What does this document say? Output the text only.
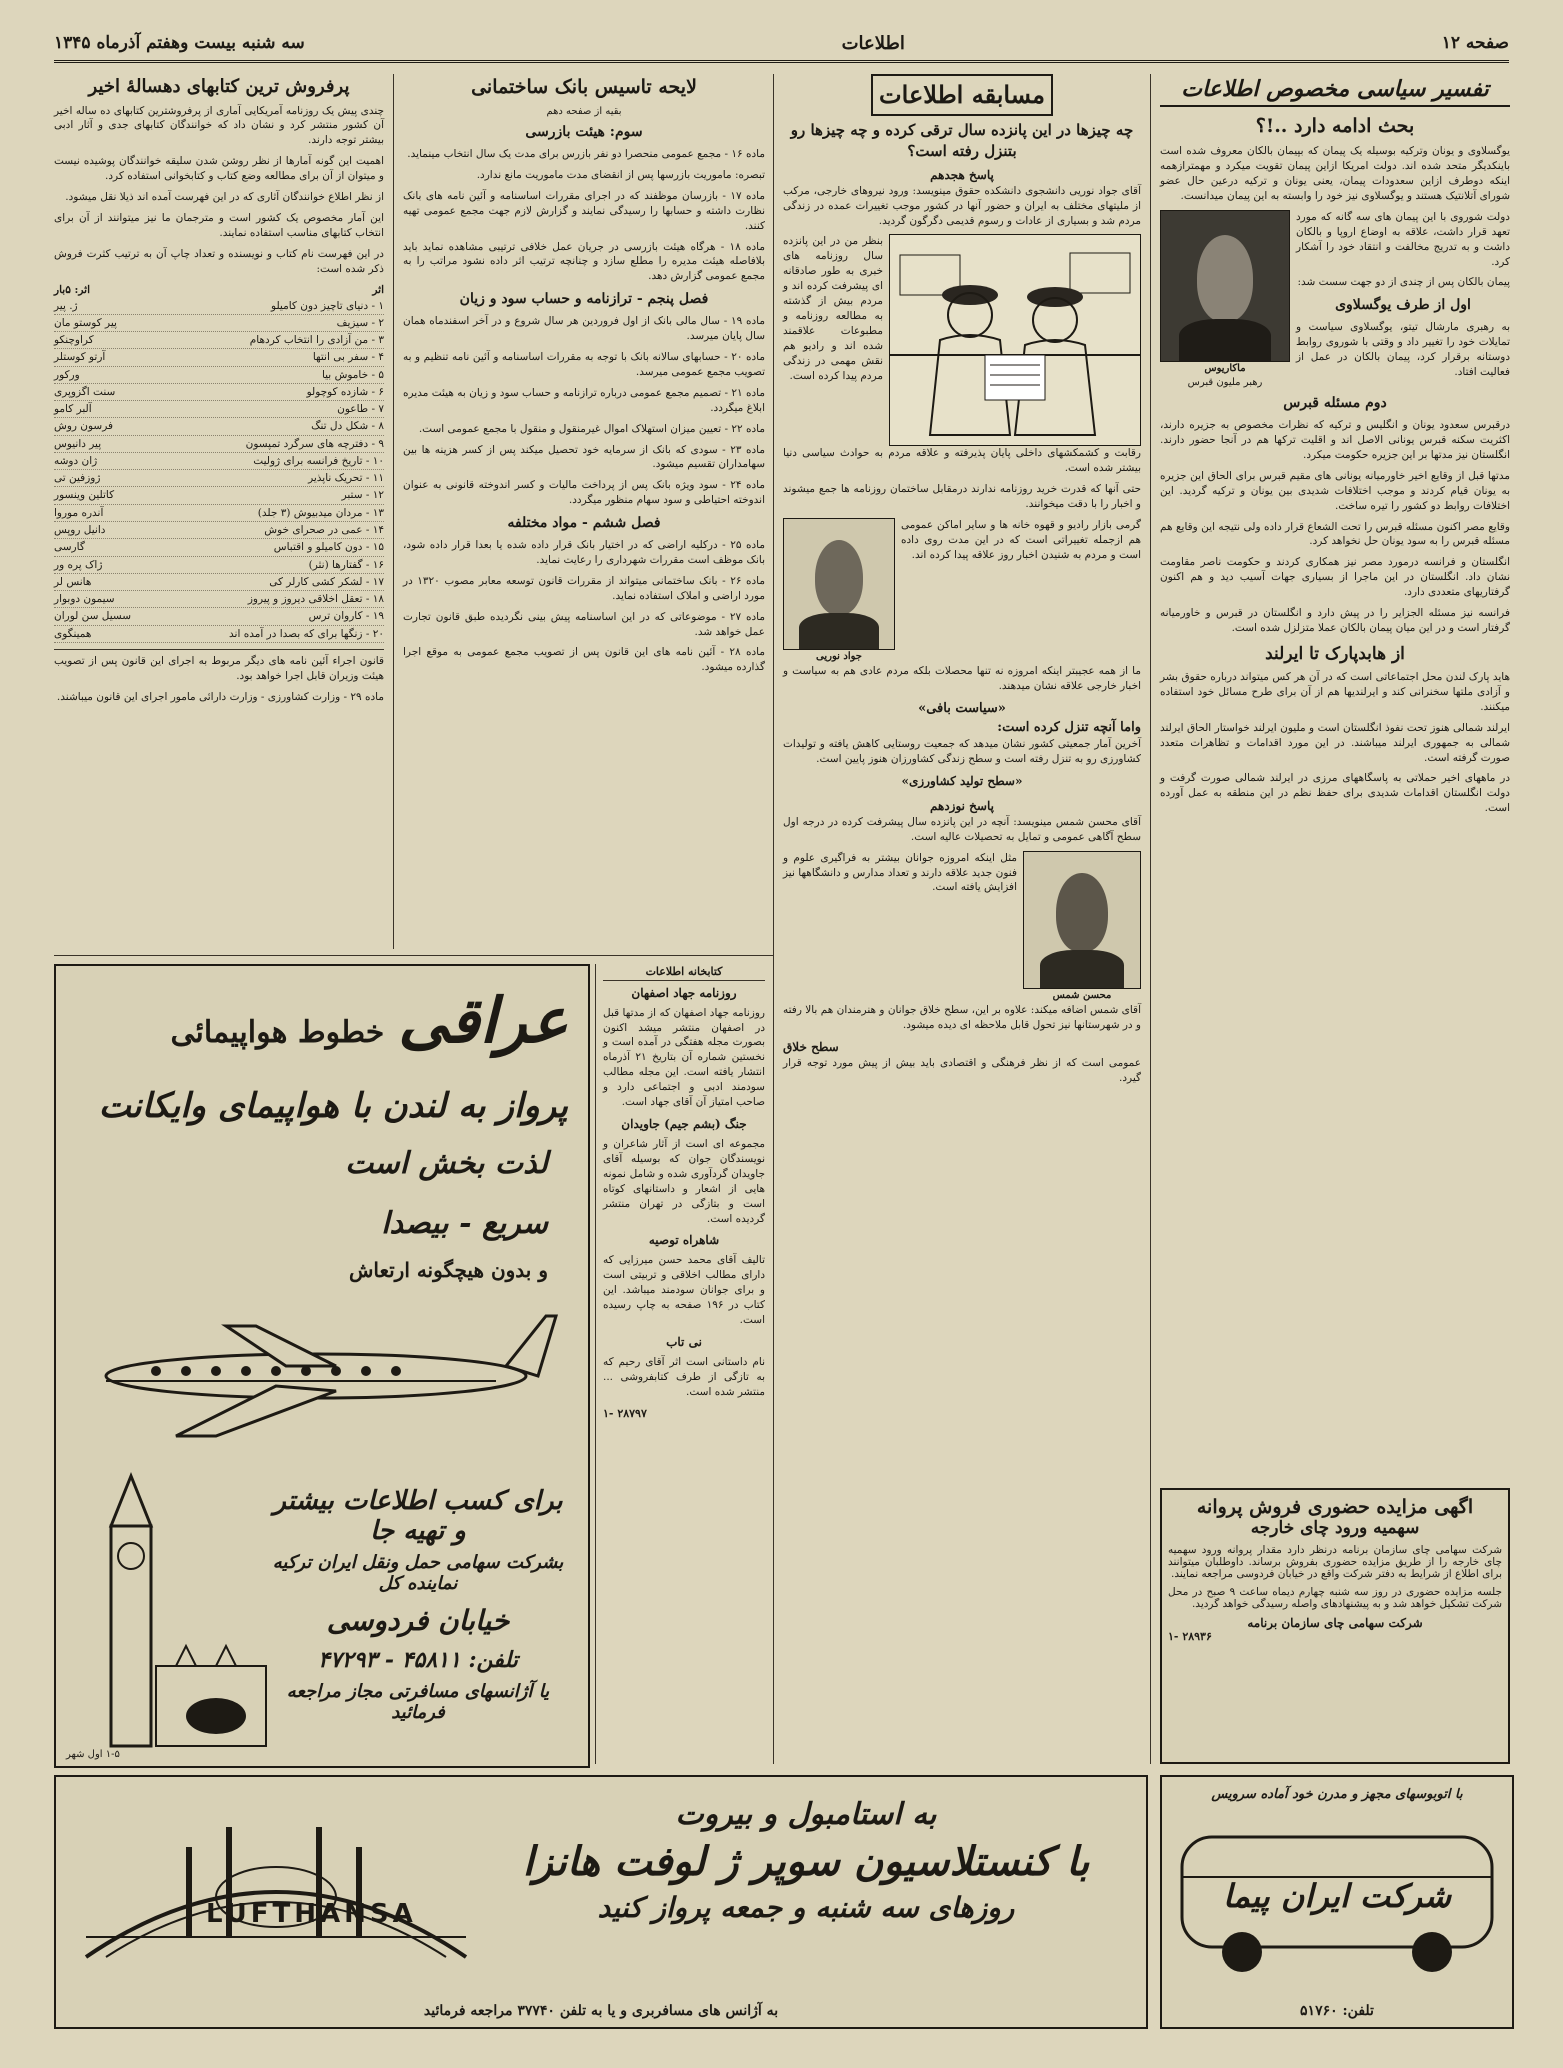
صفحه ۱۲
اطلاعات
سه شنبه بیست وهفتم آذرماه ۱۳۴۵
تفسیر سیاسی مخصوص اطلاعات
بحث ادامه دارد ..!؟

یوگسلاوی و یونان وترکیه بوسیله یک پیمان که بپیمان بالکان معروف شده است باینکدیگر متحد شده اند. دولت امریکا ازاین پیمان تقویت میکرد و مهمترازهمه اینکه دوطرف ازاین سعدودات پیمان، یعنی یونان و ترکیه درعین حال عضو شورای آتلانتیک هستند و یوگسلاوی نیز خود را وابسته به این پیمان میدانست.

دولت شوروی با این پیمان های سه گانه که مورد تعهد قرار داشت، علاقه به اوضاع اروپا و بالکان داشت و به تدریج مخالفت و انتقاد خود را آشکار کرد.

پیمان بالکان پس از چندی از دو جهت سست شد:

اول از طرف یوگسلاوی

به رهبری مارشال تیتو، یوگسلاوی سیاست و تمایلات خود را تغییر داد و وقتی با شوروی روابط دوستانه برقرار کرد، پیمان بالکان در عمل از فعالیت افتاد.

ماکاریوس
رهبر ملیون قبرس
دوم مسئله قبرس

درقبرس سعدود یونان و انگلیس و ترکیه که نظرات مخصوص به جزیره دارند، اکثریت سکنه قبرس یونانی الاصل اند و اقلیت ترکها هم در آنجا حضور دارند. انگلستان نیز مدتها بر این جزیره حکومت میکرد.

مدتها قبل از وقایع اخیر خاورمیانه یونانی های مقیم قبرس برای الحاق این جزیره به یونان قیام کردند و موجب اختلافات شدیدی بین یونان و ترکیه گردید. این اختلافات روابط دو کشور را تیره ساخت.

وقایع مصر اکنون مسئله قبرس را تحت الشعاع قرار داده ولی نتیجه این وقایع هم مسئله قبرس را به سود یونان حل نخواهد کرد.

انگلستان و فرانسه درمورد مصر نیز همکاری کردند و حکومت ناصر مقاومت نشان داد. انگلستان در این ماجرا از بسیاری جهات آسیب دید و هم اکنون گرفتاریهای متعددی دارد.

فرانسه نیز مسئله الجزایر را در پیش دارد و انگلستان در قبرس و خاورمیانه گرفتار است و در این میان پیمان بالکان عملا متزلزل شده است.

از هابدپارک تا ایرلند

هاید پارک لندن محل اجتماعاتی است که در آن هر کس میتواند درباره حقوق بشر و آزادی ملتها سخنرانی کند و ایرلندیها هم از آن برای طرح مسائل خود استفاده میکنند.

ایرلند شمالی هنوز تحت نفوذ انگلستان است و ملیون ایرلند خواستار الحاق ایرلند شمالی به جمهوری ایرلند میباشند. در این مورد اقدامات و تظاهرات متعدد صورت گرفته است.

در ماههای اخیر حملاتی به پاسگاههای مرزی در ایرلند شمالی صورت گرفت و دولت انگلستان اقدامات شدیدی برای حفظ نظم در این منطقه به عمل آورده است.

اگهی مزایده حضوری فروش پروانه
سهمیه ورود چای خارجه

شرکت سهامی چای سازمان برنامه درنظر دارد مقدار پروانه ورود سهمیه چای خارجه را از طریق مزایده حضوری بفروش برساند. داوطلبان میتوانند برای اطلاع از شرایط به دفتر شرکت واقع در خیابان فردوسی مراجعه نمایند.

جلسه مزایده حضوری در روز سه شنبه چهارم دیماه ساعت ۹ صبح در محل شرکت تشکیل خواهد شد و به پیشنهادهای واصله رسیدگی خواهد گردید.

شرکت سهامی چای سازمان برنامه
۲۸۹۳۶ -۱
مسابقه اطلاعات
چه چیزها در این پانزده سال ترقی کرده و چه چیزها رو بتنزل رفته است؟
پاسخ هجدهم

آقای جواد نوریی دانشجوی دانشکده حقوق مینویسد: ورود نیروهای خارجی، مرکب از ملیتهای مختلف به ایران و حضور آنها در کشور موجب تغییرات عمده در زندگی مردم شد و بسیاری از عادات و رسوم قدیمی دگرگون گردید.

بنظر من در این پانزده سال روزنامه های خبری به طور صادقانه ای پیشرفت کرده اند و مردم بیش از گذشته به مطالعه روزنامه و مطبوعات علاقمند شده اند و رادیو هم نقش مهمی در زندگی مردم پیدا کرده است.

رقابت و کشمکشهای داخلی پایان پذیرفته و علاقه مردم به حوادث سیاسی دنیا بیشتر شده است.

حتی آنها که قدرت خرید روزنامه ندارند درمقابل ساختمان روزنامه ها جمع میشوند و اخبار را با دقت میخوانند.

گرمی بازار رادیو و قهوه خانه ها و سایر اماکن عمومی هم ازجمله تغییراتی است که در این مدت روی داده است و مردم به شنیدن اخبار روز علاقه پیدا کرده اند.

جواد نوریی

ما از همه عجیبتر اینکه امروزه نه تنها محصلات بلکه مردم عادی هم به سیاست و اخبار خارجی علاقه نشان میدهند.

«سیاست بافی»
واما آنچه تنزل کرده است:

آخرین آمار جمعیتی کشور نشان میدهد که جمعیت روستایی کاهش یافته و تولیدات کشاورزی رو به تنزل رفته است و سطح زندگی کشاورزان هنوز پایین است.

«سطح تولید کشاورزی»
پاسخ نوزدهم

آقای محسن شمس مینویسد: آنچه در این پانزده سال پیشرفت کرده در درجه اول سطح آگاهی عمومی و تمایل به تحصیلات عالیه است.

محسن شمس

مثل اینکه امروزه جوانان بیشتر به فراگیری علوم و فنون جدید علاقه دارند و تعداد مدارس و دانشگاهها نیز افزایش یافته است.

آقای شمس اضافه میکند: علاوه بر این، سطح خلاق جوانان و هنرمندان هم بالا رفته و در شهرستانها نیز تحول قابل ملاحظه ای دیده میشود.

سطح خلاق

عمومی است که از نظر فرهنگی و اقتصادی باید بیش از پیش مورد توجه قرار گیرد.

لایحه تاسیس بانک ساختمانی
بقیه از صفحه دهم
سوم: هیئت بازرسی

ماده ۱۶ - مجمع عمومی منحصرا دو نفر بازرس برای مدت یک سال انتخاب مینماید.

تبصره: ماموریت بازرسها پس از انقضای مدت ماموریت مانع ندارد.

ماده ۱۷ - بازرسان موظفند که در اجرای مقررات اساسنامه و آئین نامه های بانک نظارت داشته و حسابها را رسیدگی نمایند و گزارش لازم جهت مجمع عمومی تهیه کنند.

ماده ۱۸ - هرگاه هیئت بازرسی در جریان عمل خلافی ترتیبی مشاهده نماید باید بلافاصله هیئت مدیره را مطلع سازد و چنانچه ترتیب اثر داده نشود مراتب را به مجمع عمومی گزارش دهد.

فصل پنجم - ترازنامه و حساب سود و زیان

ماده ۱۹ - سال مالی بانک از اول فروردین هر سال شروع و در آخر اسفندماه همان سال پایان میرسد.

ماده ۲۰ - حسابهای سالانه بانک با توجه به مقررات اساسنامه و آئین نامه تنظیم و به تصویب مجمع عمومی میرسد.

ماده ۲۱ - تصمیم مجمع عمومی درباره ترازنامه و حساب سود و زیان به هیئت مدیره ابلاغ میگردد.

ماده ۲۲ - تعیین میزان استهلاک اموال غیرمنقول و منقول با مجمع عمومی است.

ماده ۲۳ - سودی که بانک از سرمایه خود تحصیل میکند پس از کسر هزینه ها بین سهامداران تقسیم میشود.

ماده ۲۴ - سود ویژه بانک پس از پرداخت مالیات و کسر اندوخته قانونی به عنوان اندوخته احتیاطی و سود سهام منظور میگردد.

فصل ششم - مواد مختلفه

ماده ۲۵ - درکلیه اراضی که در اختیار بانک قرار داده شده یا بعدا قرار داده شود، بانک موظف است مقررات شهرداری را رعایت نماید.

ماده ۲۶ - بانک ساختمانی میتواند از مقررات قانون توسعه معابر مصوب ۱۳۲۰ در مورد اراضی و املاک استفاده نماید.

ماده ۲۷ - موضوعاتی که در این اساسنامه پیش بینی نگردیده طبق قانون تجارت عمل خواهد شد.

ماده ۲۸ - آئین نامه های این قانون پس از تصویب مجمع عمومی به موقع اجرا گذارده میشود.

پرفروش ترین کتابهای دهسالهٔ اخیر

چندی پیش یک روزنامه آمریکایی آماری از پرفروشترین کتابهای ده ساله اخیر آن کشور منتشر کرد و نشان داد که خوانندگان کتابهای جدی و آثار ادبی بیشتر توجه دارند.

اهمیت این گونه آمارها از نظر روشن شدن سلیقه خوانندگان پوشیده نیست و میتوان از آن برای مطالعه وضع کتاب و کتابخوانی استفاده کرد.

از نظر اطلاع خوانندگان آثاری که در این فهرست آمده اند ذیلا نقل میشود.

این آمار مخصوص یک کشور است و مترجمان ما نیز میتوانند از آن برای انتخاب کتابهای مناسب استفاده نمایند.

در این فهرست نام کتاب و نویسنده و تعداد چاپ آن به ترتیب کثرت فروش ذکر شده است:

اثر
اثر: ۵بار
۱ - دنیای تاچیز دون کامیلو
ژ. پیر
۲ - سیزیف
پیر کوستو مان
۳ - من آزادی را انتخاب کردهام
کراوچنکو
۴ - سفر بی انتها
آرتو کوستلر
۵ - خاموش بیا
ورکور
۶ - شازده کوچولو
سنت اگزوپری
۷ - طاعون
آلبر کامو
۸ - شکل دل تنگ
فرسون روش
۹ - دفترچه های سرگرد تمپسون
پیر دانیوس
۱۰ - تاریخ فرانسه برای ژولیت
ژان دوشه
۱۱ - تحریک ناپذیر
ژوزفین تی
۱۲ - ستبر
کاتلین وینسور
۱۳ - مردان میدبیوش (۳ جلد)
آندره موروا
۱۴ - عمی در صحرای خوش
دانیل روپس
۱۵ - دون کامیلو و اقتباس
گارسی
۱۶ - گفتارها (نثر)
ژاک پره ور
۱۷ - لشکر کشی کارلر کی
هانس لر
۱۸ - تعقل اخلاقی دیروز و پیروز
سیمون دوبوار
۱۹ - کاروان ترس
سسیل سن لوران
۲۰ - زنگها برای که بصدا در آمده اند
همینگوی

قانون اجراء آئین نامه های دیگر مربوط به اجرای این قانون پس از تصویب هیئت وزیران قابل اجرا خواهد بود.

ماده ۲۹ - وزارت کشاورزی - وزارت دارائی مامور اجرای این قانون میباشند.

کتابخانه اطلاعات
روزنامه جهاد اصفهان

روزنامه جهاد اصفهان که از مدتها قبل در اصفهان منتشر میشد اکنون بصورت مجله هفتگی در آمده است و نخستین شماره آن بتاریخ ۲۱ آذرماه انتشار یافته است. این مجله مطالب سودمند ادبی و اجتماعی دارد و صاحب امتیاز آن آقای جهاد است.

جنگ (بشم جیم) جاویدان

مجموعه ای است از آثار شاعران و نویسندگان جوان که بوسیله آقای جاویدان گردآوری شده و شامل نمونه هایی از اشعار و داستانهای کوتاه است و بتازگی در تهران منتشر گردیده است.

شاهراه توصیه

تالیف آقای محمد حسن میرزایی که دارای مطالب اخلاقی و تربیتی است و برای جوانان سودمند میباشد. این کتاب در ۱۹۶ صفحه به چاپ رسیده است.

نی تاب

نام داستانی است اثر آقای رحیم که به تازگی از طرف کتابفروشی ... منتشر شده است.

۲۸۷۹۷ -۱
عراقی
خطوط هواپیمائی
پرواز به لندن با هواپیمای وایکانت
لذت بخش است
سریع - بیصدا
و بدون هیچگونه ارتعاش
برای کسب اطلاعات بیشتر و تهیه جا
بشرکت سهامی حمل ونقل ایران ترکیه نماینده کل
خیابان فردوسی
تلفن: ۴۵۸۱۱ - ۴۷۲۹۳
یا آژانسهای مسافرتی مجاز مراجعه فرمائید
۱-۵ اول شهر
LUFTHANSA
به استامبول و بیروت
با کنستلاسیون سوپر ژ لوفت هانزا
روزهای سه شنبه و جمعه پرواز کنید
به آژانس های مسافربری و یا به تلفن ۳۷۷۴۰ مراجعه فرمائید
با اتوبوسهای مجهز و مدرن خود آماده سرویس
شرکت ایران پیما
تلفن: ۵۱۷۶۰
